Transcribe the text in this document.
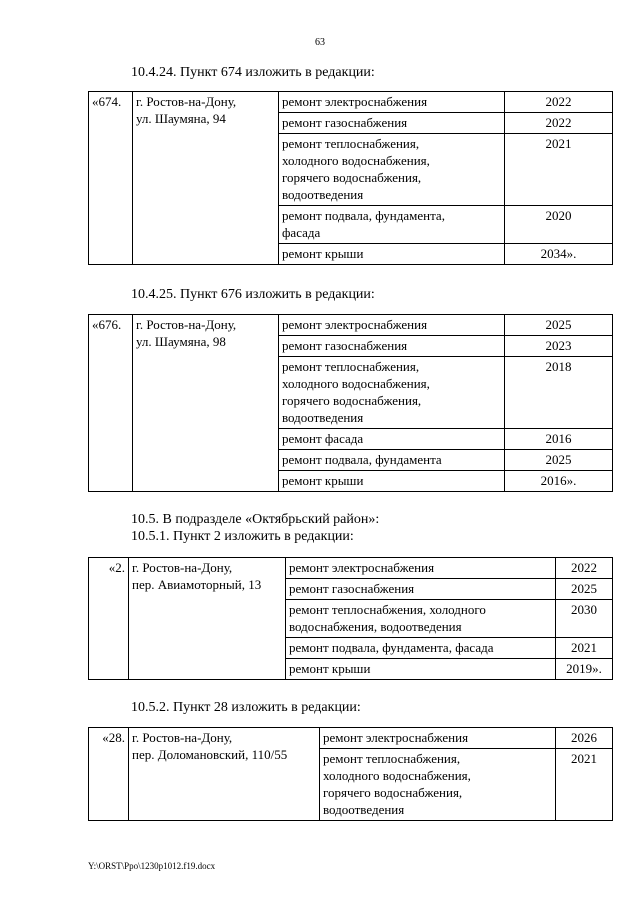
63
10.4.24. Пункт 674 изложить в редакции:
«674.	г. Ростов-на-Дону,
ул. Шаумяна, 94	ремонт электроснабжения	2022

		ремонт газоснабжения	2022

		ремонт теплоснабжения,
холодного водоснабжения,
горячего водоснабжения,
водоотведения	2021

		ремонт подвала, фундамента,
фасада	2020

		ремонт крыши	2034».
10.4.25. Пункт 676 изложить в редакции:
«676.	г. Ростов-на-Дону,
ул. Шаумяна, 98	ремонт электроснабжения	2025

		ремонт газоснабжения	2023

		ремонт теплоснабжения,
холодного водоснабжения,
горячего водоснабжения,
водоотведения	2018

		ремонт фасада	2016

		ремонт подвала, фундамента	2025

		ремонт крыши	2016».
10.5. В подразделе «Октябрьский район»:
10.5.1. Пункт 2 изложить в редакции:
«2.	г. Ростов-на-Дону,
пер. Авиамоторный, 13	ремонт электроснабжения	2022

		ремонт газоснабжения	2025

		ремонт теплоснабжения, холодного
водоснабжения, водоотведения	2030

		ремонт подвала, фундамента, фасада	2021

		ремонт крыши	2019».
10.5.2. Пункт 28 изложить в редакции:
«28.	г. Ростов-на-Дону,
пер. Доломановский, 110/55	ремонт электроснабжения	2026

		ремонт теплоснабжения,
холодного водоснабжения,
горячего водоснабжения,
водоотведения	2021
Y:\ORST\Ppo\1230p1012.f19.docx
